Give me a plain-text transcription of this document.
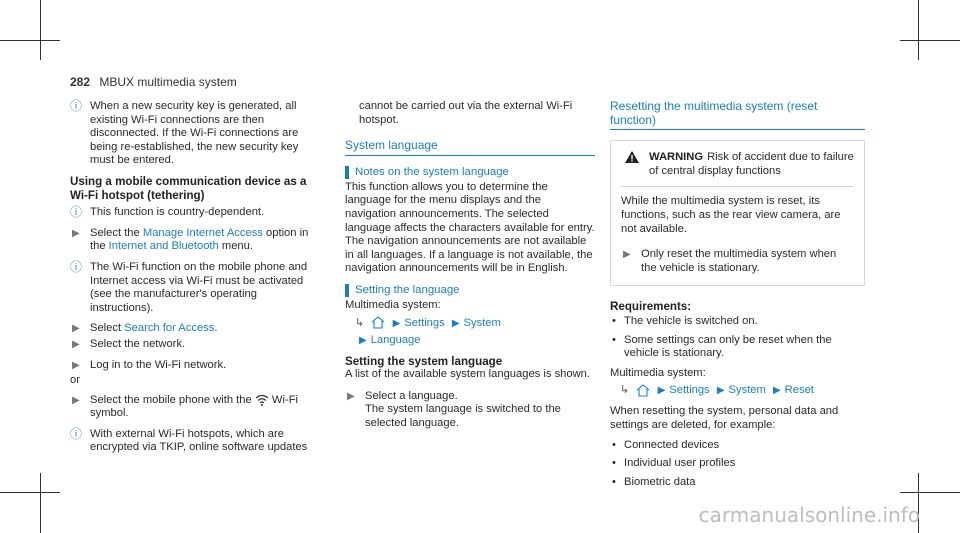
282 MBUX multimedia system
ⓘ When a new security key is generated, all existing Wi-Fi connections are then disconnected. If the Wi-Fi connections are being re-established, the new security key must be entered.
Using a mobile communication device as a Wi-Fi hotspot (tethering)
ⓘ This function is country-dependent.
▶ Select the Manage Internet Access option in the Internet and Bluetooth menu.
ⓘ The Wi-Fi function on the mobile phone and Internet access via Wi-Fi must be activated (see the manufacturer's operating instructions).
▶ Select Search for Access.
▶ Select the network.
▶ Log in to the Wi-Fi network.
or
▶ Select the mobile phone with the Wi-Fi symbol.
ⓘ With external Wi-Fi hotspots, which are encrypted via TKIP, online software updates
cannot be carried out via the external Wi-Fi hotspot.
System language
Notes on the system language
This function allows you to determine the language for the menu displays and the navigation announcements. The selected language affects the characters available for entry. The navigation announcements are not available in all languages. If a language is not available, the navigation announcements will be in English.
Setting the language
Multimedia system:
↳	▶ Settings ▶ System
▶ Language
Setting the system language
A list of the available system languages is shown.
▶ Select a language.
The system language is switched to the selected language.
Resetting the multimedia system (reset function)
WARNING Risk of accident due to failure of central display functions
While the multimedia system is reset, its functions, such as the rear view camera, are not available.
▶ Only reset the multimedia system when the vehicle is stationary.
Requirements:
• The vehicle is switched on.
• Some settings can only be reset when the vehicle is stationary.
Multimedia system:
↳	▶ Settings ▶ System ▶ Reset
When resetting the system, personal data and settings are deleted, for example:
• Connected devices
• Individual user profiles
• Biometric data
carmanualsonline.info
